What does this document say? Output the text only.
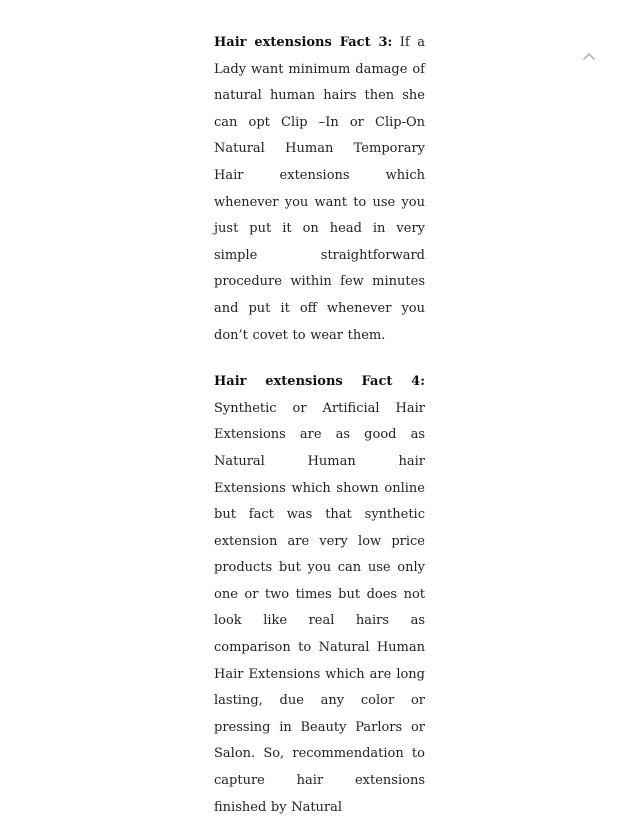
Hair extensions Fact 3: If a Lady want minimum damage of natural human hairs then she can opt Clip –In or Clip-On Natural Human Temporary Hair extensions which whenever you want to use you just put it on head in very simple straightforward procedure within few minutes and put it off whenever you don’t covet to wear them.

Hair extensions Fact 4: Synthetic or Artificial Hair Extensions are as good as Natural Human hair Extensions which shown online but fact was that synthetic extension are very low price products but you can use only one or two times but does not look like real hairs as comparison to Natural Human Hair Extensions which are long lasting, due any color or pressing in Beauty Parlors or Salon. So, recommendation to capture hair extensions finished by Natural
